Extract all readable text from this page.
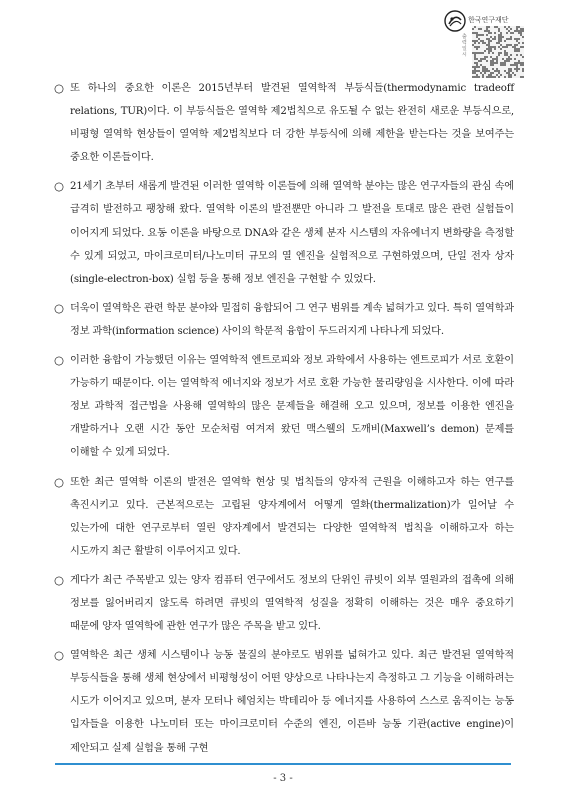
한국연구재단
출력일시
○ 또 하나의 중요한 이론은 2015년부터 발견된 열역학적 부등식들(thermodynamic tradeoff relations, TUR)이다. 이 부등식들은 열역학 제2법칙으로 유도될 수 없는 완전히 새로운 부등식으로, 비평형 열역학 현상들이 열역학 제2법칙보다 더 강한 부등식에 의해 제한을 받는다는 것을 보여주는 중요한 이론들이다.
○ 21세기 초부터 새롭게 발견된 이러한 열역학 이론들에 의해 열역학 분야는 많은 연구자들의 관심 속에 급격히 발전하고 팽창해 왔다. 열역학 이론의 발전뿐만 아니라 그 발전을 토대로 많은 관련 실험들이 이어지게 되었다. 요동 이론을 바탕으로 DNA와 같은 생체 분자 시스템의 자유에너지 변화량을 측정할 수 있게 되었고, 마이크로미터/나노미터 규모의 열 엔진을 실험적으로 구현하였으며, 단일 전자 상자(single-electron-box) 실험 등을 통해 정보 엔진을 구현할 수 있었다.
○ 더욱이 열역학은 관련 학문 분야와 밀접히 융합되어 그 연구 범위를 계속 넓혀가고 있다. 특히 열역학과 정보 과학(information science) 사이의 학문적 융합이 두드러지게 나타나게 되었다.
○ 이러한 융합이 가능했던 이유는 열역학적 엔트로피와 정보 과학에서 사용하는 엔트로피가 서로 호환이 가능하기 때문이다. 이는 열역학적 에너지와 정보가 서로 호환 가능한 물리량임을 시사한다. 이에 따라 정보 과학적 접근법을 사용해 열역학의 많은 문제들을 해결해 오고 있으며, 정보를 이용한 엔진을 개발하거나 오랜 시간 동안 모순처럼 여겨져 왔던 맥스웰의 도깨비(Maxwell’s demon) 문제를 이해할 수 있게 되었다.
○ 또한 최근 열역학 이론의 발전은 열역학 현상 및 법칙들의 양자적 근원을 이해하고자 하는 연구를 촉진시키고 있다. 근본적으로는 고립된 양자계에서 어떻게 열화(thermalization)가 일어날 수 있는가에 대한 연구로부터 열린 양자계에서 발견되는 다양한 열역학적 법칙을 이해하고자 하는 시도까지 최근 활발히 이루어지고 있다.
○ 게다가 최근 주목받고 있는 양자 컴퓨터 연구에서도 정보의 단위인 큐빗이 외부 열원과의 접촉에 의해 정보를 잃어버리지 않도록 하려면 큐빗의 열역학적 성질을 정확히 이해하는 것은 매우 중요하기 때문에 양자 열역학에 관한 연구가 많은 주목을 받고 있다.
○ 열역학은 최근 생체 시스템이나 능동 물질의 분야로도 범위를 넓혀가고 있다. 최근 발견된 열역학적 부등식들을 통해 생체 현상에서 비평형성이 어떤 양상으로 나타나는지 측정하고 그 기능을 이해하려는 시도가 이어지고 있으며, 분자 모터나 헤엄치는 박테리아 등 에너지를 사용하여 스스로 움직이는 능동 입자들을 이용한 나노미터 또는 마이크로미터 수준의 엔진, 이른바 능동 기관(active engine)이 제안되고 실제 실험을 통해 구현
- 3 -
